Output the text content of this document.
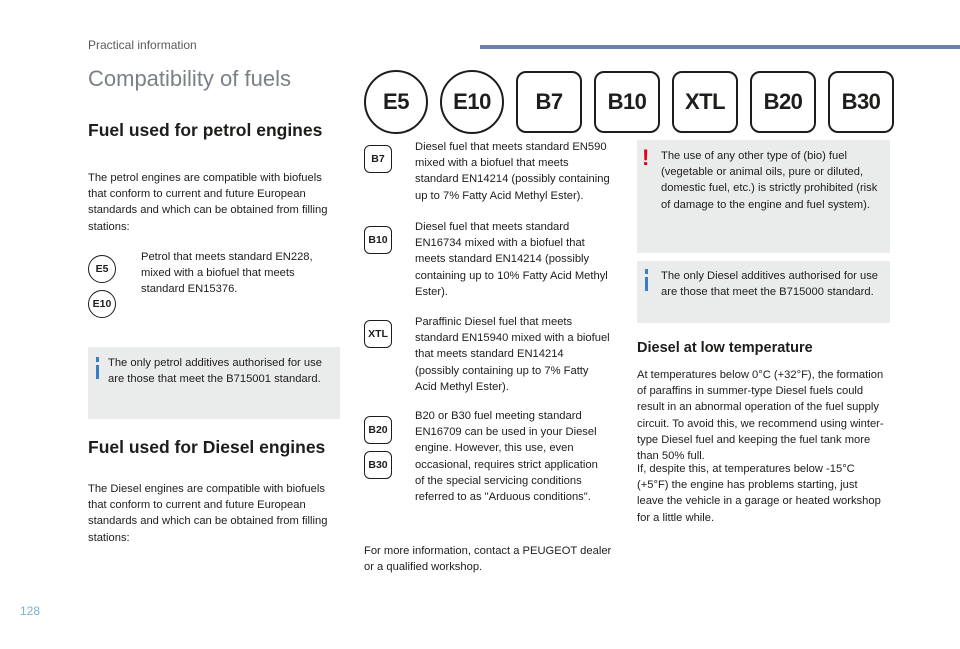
Practical information
Compatibility of fuels
Fuel used for petrol engines
The petrol engines are compatible with biofuels that conform to current and future European standards and which can be obtained from filling stations:
E5
E10
Petrol that meets standard EN228, mixed with a biofuel that meets standard EN15376.
The only petrol additives authorised for use are those that meet the B715001 standard.
Fuel used for Diesel engines
The Diesel engines are compatible with biofuels that conform to current and future European standards and which can be obtained from filling stations:
E5	E10	B7	B10	XTL	B20	B30
B7
Diesel fuel that meets standard EN590 mixed with a biofuel that meets standard EN14214 (possibly containing up to 7% Fatty Acid Methyl Ester).
B10
Diesel fuel that meets standard EN16734 mixed with a biofuel that meets standard EN14214 (possibly containing up to 10% Fatty Acid Methyl Ester).
XTL
Paraffinic Diesel fuel that meets standard EN15940 mixed with a biofuel that meets standard EN14214 (possibly containing up to 7% Fatty Acid Methyl Ester).
B20
B30
B20 or B30 fuel meeting standard EN16709 can be used in your Diesel engine. However, this use, even occasional, requires strict application of the special servicing conditions referred to as "Arduous conditions".
For more information, contact a PEUGEOT dealer or a qualified workshop.
! The use of any other type of (bio) fuel (vegetable or animal oils, pure or diluted, domestic fuel, etc.) is strictly prohibited (risk of damage to the engine and fuel system).
The only Diesel additives authorised for use are those that meet the B715000 standard.
Diesel at low temperature
At temperatures below 0°C (+32°F), the formation of paraffins in summer-type Diesel fuels could result in an abnormal operation of the fuel supply circuit. To avoid this, we recommend using winter-type Diesel fuel and keeping the fuel tank more than 50% full.
If, despite this, at temperatures below -15°C (+5°F) the engine has problems starting, just leave the vehicle in a garage or heated workshop for a little while.
128
